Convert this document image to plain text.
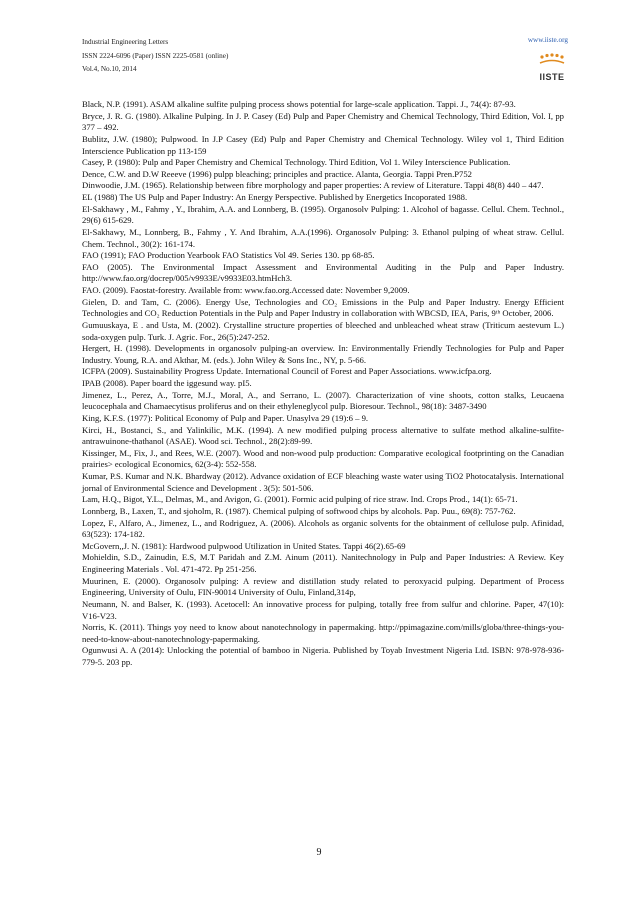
Industrial Engineering Letters
ISSN 2224-6096 (Paper) ISSN 2225-0581 (online)
Vol.4, No.10, 2014
www.iiste.org
IISTE

Black, N.P. (1991). ASAM alkaline sulfite pulping process shows potential for large-scale application. Tappi. J., 74(4): 87-93.

Bryce, J. R. G. (1980). Alkaline Pulping. In J. P. Casey (Ed) Pulp and Paper Chemistry and Chemical Technology, Third Edition, Vol. I, pp 377 – 492.

Bublitz, J.W. (1980); Pulpwood. In J.P Casey (Ed) Pulp and Paper Chemistry and Chemical Technology. Wiley vol 1, Third Edition Interscience Publication pp 113-159

Casey, P. (1980): Pulp and Paper Chemistry and Chemical Technology. Third Edition, Vol 1. Wiley Interscience Publication.

Dence, C.W. and D.W Reeeve (1996) pulpp bleaching; principles and practice. Alanta, Georgia. Tappi Pren.P752

Dinwoodie, J.M. (1965). Relationship between fibre morphology and paper properties: A review of Literature. Tappi 48(8) 440 – 447.

EL (1988) The US Pulp and Paper Industry: An Energy Perspective. Published by Energetics Incoporated 1988.

El-Sakhawy , M., Fahmy , Y., Ibrahim, A.A. and Lonnberg, B. (1995). Organosolv Pulping: 1. Alcohol of bagasse. Cellul. Chem. Technol., 29(6) 615-629.

El-Sakhawy, M., Lonnberg, B., Fahmy , Y. And Ibrahim, A.A.(1996). Organosolv Pulping: 3. Ethanol pulping of wheat straw. Cellul. Chem. Technol., 30(2): 161-174.

FAO (1991); FAO Production Yearbook FAO Statistics Vol 49. Series 130. pp 68-85.

FAO (2005). The Environmental Impact Assessment and Environmental Auditing in the Pulp and Paper Industry. http://www.fao.org/docrep/005/v9933E/v9933E03.htmHch3.

FAO. (2009). Faostat-forestry. Available from: www.fao.org.Accessed date: November 9,2009.

Gielen, D. and Tam, C. (2006). Energy Use, Technologies and CO₂ Emissions in the Pulp and Paper Industry. Energy Efficient Technologies and CO₂ Reduction Potentials in the Pulp and Paper Industry in collaboration with WBCSD, IEA, Paris, 9ᵗʰ October, 2006.

Gumuuskaya, E . and Usta, M. (2002). Crystalline structure properties of bleeched and unbleached wheat straw (Triticum aestevum L.) soda-oxygen pulp. Turk. J. Agric. For., 26(5):247-252.

Hergert, H. (1998). Developments in organosolv pulping-an overview. In: Environmentally Friendly Technologies for Pulp and Paper Industry. Young, R.A. and Akthar, M. (eds.). John Wiley & Sons Inc., NY, p. 5-66.

ICFPA (2009). Sustainability Progress Update. International Council of Forest and Paper Associations. www.icfpa.org.

IPAB (2008). Paper board the iggesund way. pI5.

Jimenez, L., Perez, A., Torre, M.J., Moral, A., and Serrano, L. (2007). Characterization of vine shoots, cotton stalks, Leucaena leucocephala and Chamaecytisus proliferus and on their ethyleneglycol pulp. Bioresour. Technol., 98(18): 3487-3490

King, K.F.S. (1977): Political Economy of Pulp and Paper. Unasylva 29 (19):6 – 9.

Kirci, H., Bostanci, S., and Yalinkilic, M.K. (1994). A new modified pulping process alternative to sulfate method alkaline-sulfite-antrawuinone-thathanol (ASAE). Wood sci. Technol., 28(2):89-99.

Kissinger, M., Fix, J., and Rees, W.E. (2007). Wood and non-wood pulp production: Comparative ecological footprinting on the Canadian prairies> ecological Economics, 62(3-4): 552-558.

Kumar, P.S. Kumar and N.K. Bhardway (2012). Advance oxidation of ECF bleaching waste water using TiO2 Photocatalysis. International jornal of Environmental Science and Development . 3(5): 501-506.

Lam, H.Q., Bigot, Y.L., Delmas, M., and Avigon, G. (2001). Formic acid pulping of rice straw. Ind. Crops Prod., 14(1): 65-71.

Lonnberg, B., Laxen, T., and sjoholm, R. (1987). Chemical pulping of softwood chips by alcohols. Pap. Puu., 69(8): 757-762.

Lopez, F., Alfaro, A., Jimenez, L., and Rodriguez, A. (2006). Alcohols as organic solvents for the obtainment of cellulose pulp. Afinidad, 63(523): 174-182.

McGovern,,J. N. (1981): Hardwood pulpwood Utilization in United States. Tappi 46(2).65-69

Mohieldin, S.D., Zainudin, E.S, M.T Paridah and Z.M. Ainum (2011). Nanitechnology in Pulp and Paper Industries: A Review. Key Engineering Materials . Vol. 471-472. Pp 251-256.

Muurinen, E. (2000). Organosolv pulping: A review and distillation study related to peroxyacid pulping. Department of Process Engineering, University of Oulu, FIN-90014 University of Oulu, Finland,314p,

Neumann, N. and Balser, K. (1993). Acetocell: An innovative process for pulping, totally free from sulfur and chlorine. Paper, 47(10): V16-V23.

Norris, K. (2011). Things yoy need to know about nanotechnology in papermaking. http://ppimagazine.com/mills/globa/three-things-you-need-to-know-about-nanotechnology-papermaking.

Ogunwusi A. A (2014): Unlocking the potential of bamboo in Nigeria. Published by Toyab Investment Nigeria Ltd. ISBN: 978-978-936-779-5. 203 pp.

9
